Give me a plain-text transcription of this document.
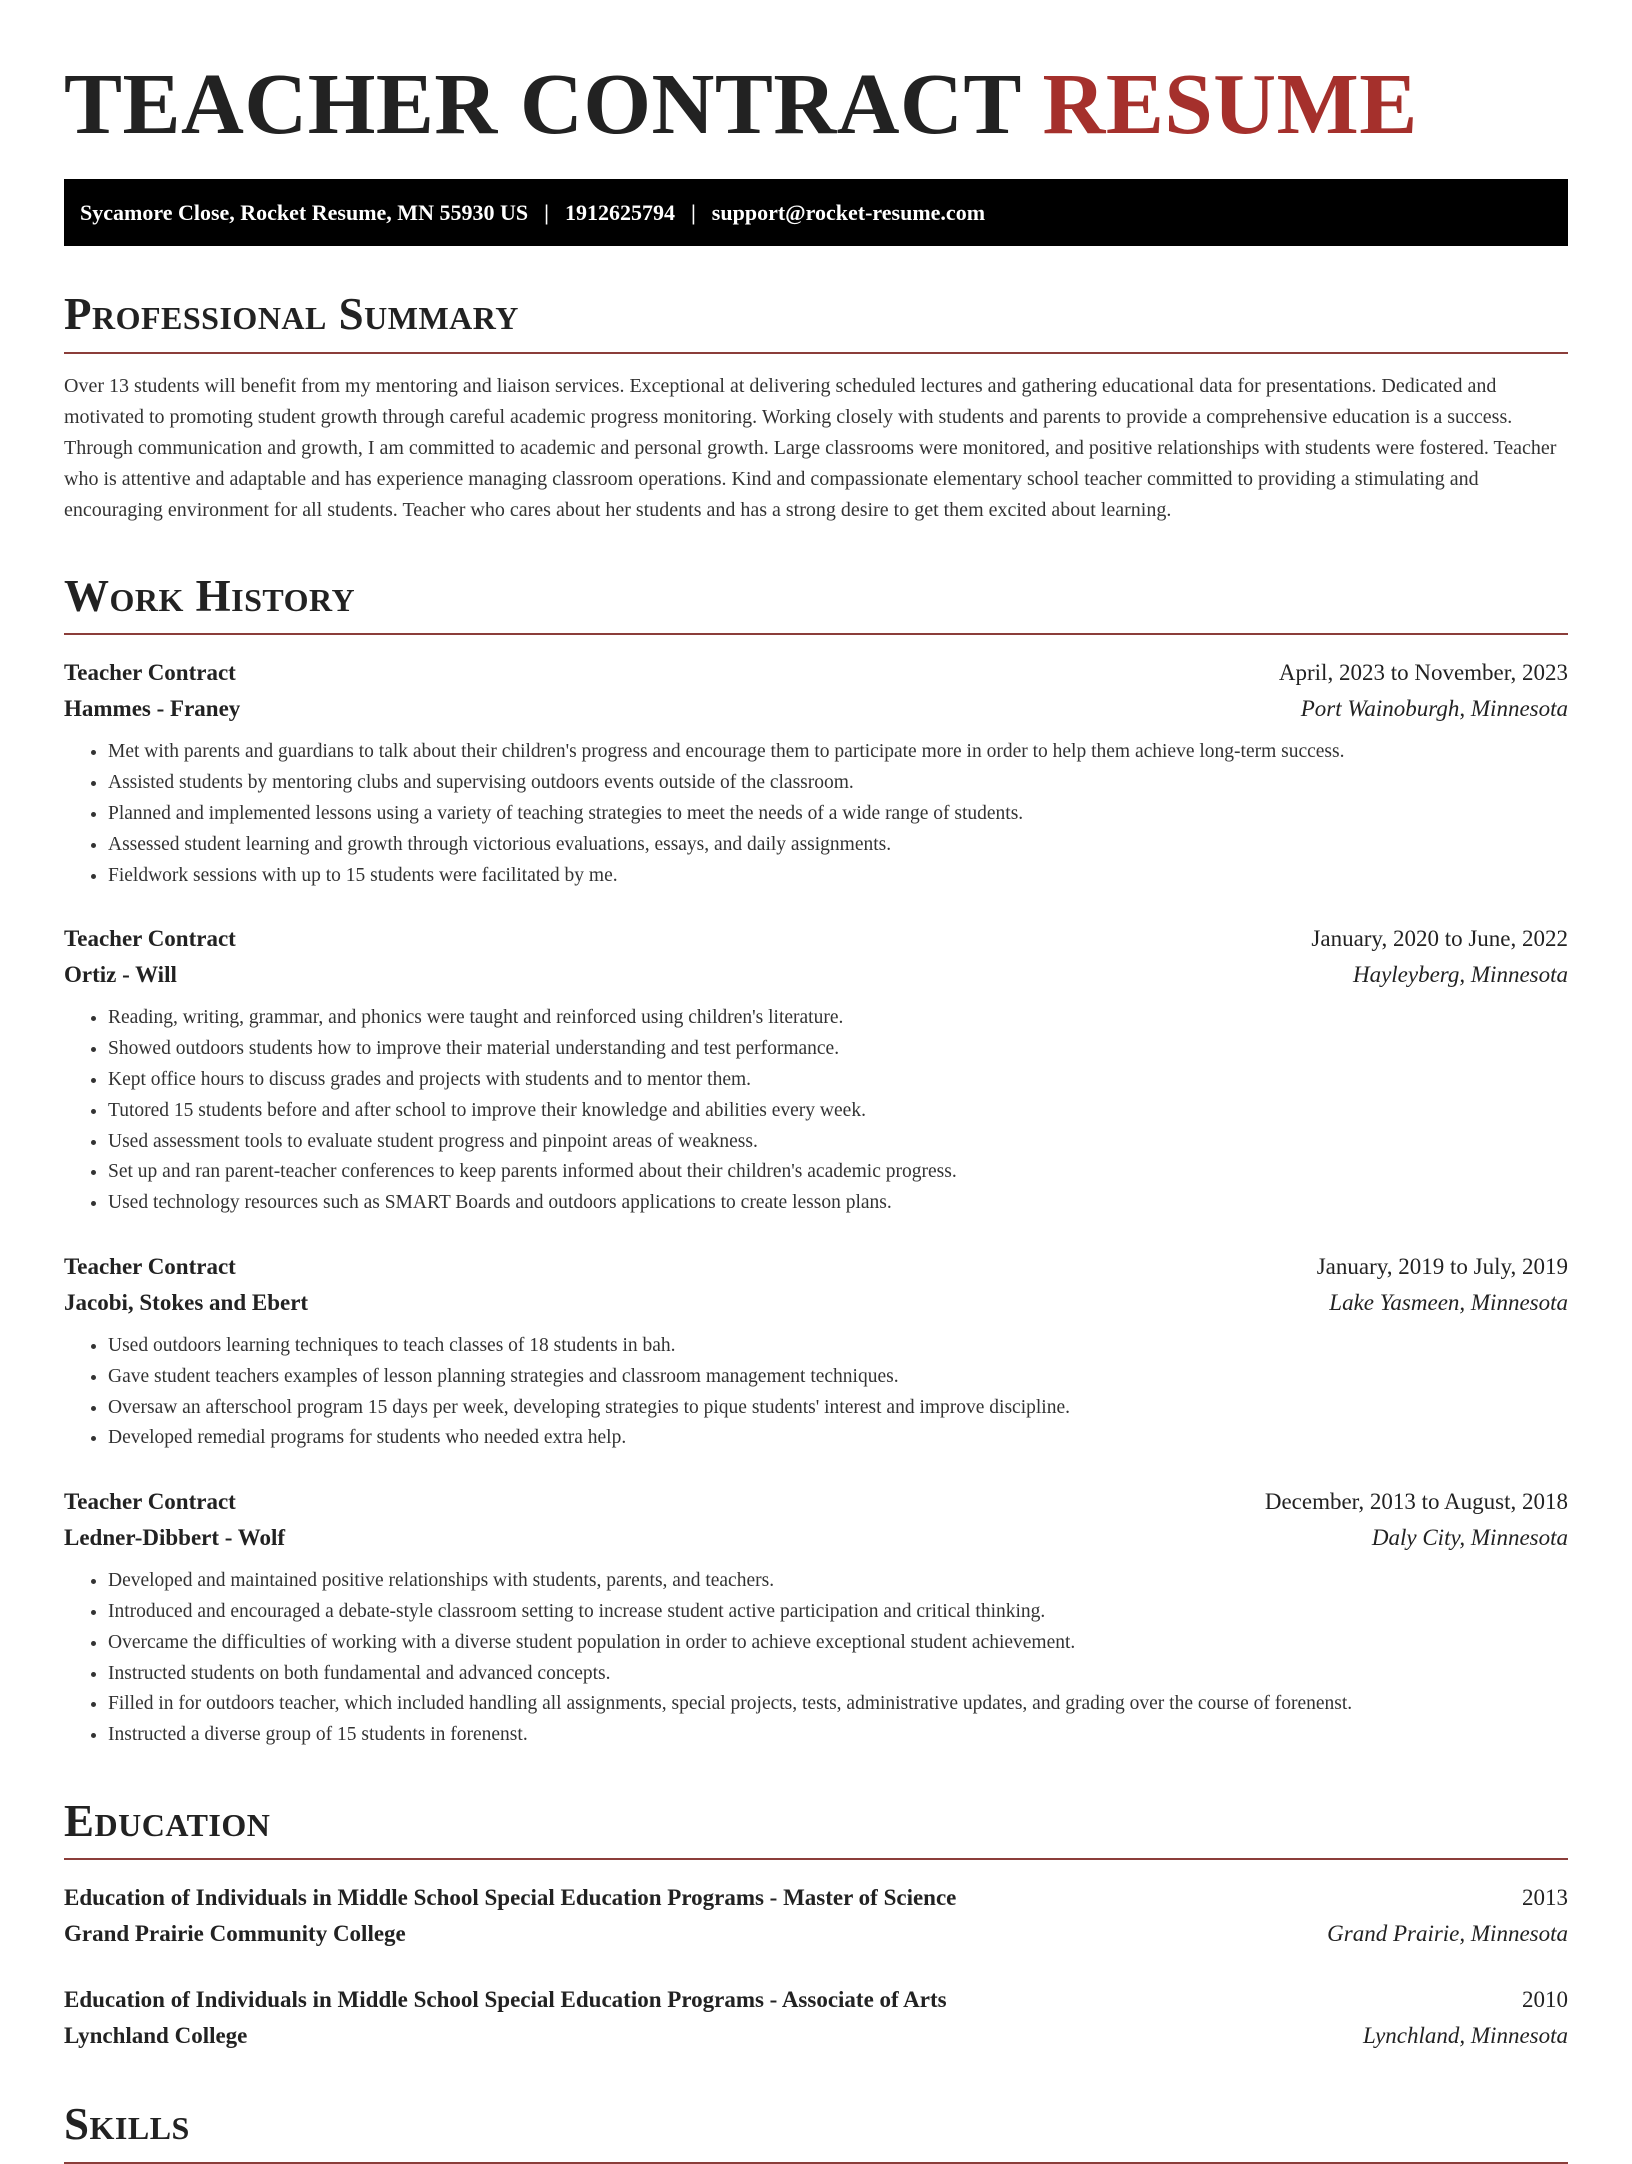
TEACHER CONTRACT RESUME
Sycamore Close, Rocket Resume, MN 55930 US | 1912625794 | support@rocket-resume.com
Professional Summary

Over 13 students will benefit from my mentoring and liaison services. Exceptional at delivering scheduled lectures and gathering educational data for presentations. Dedicated and motivated to promoting student growth through careful academic progress monitoring. Working closely with students and parents to provide a comprehensive education is a success. Through communication and growth, I am committed to academic and personal growth. Large classrooms were monitored, and positive relationships with students were fostered. Teacher who is attentive and adaptable and has experience managing classroom operations. Kind and compassionate elementary school teacher committed to providing a stimulating and encouraging environment for all students. Teacher who cares about her students and has a strong desire to get them excited about learning.

Work History
Teacher Contract	April, 2023 to November, 2023
Hammes - Franey	Port Wainoburgh, Minnesota
• Met with parents and guardians to talk about their children's progress and encourage them to participate more in order to help them achieve long-term success.
• Assisted students by mentoring clubs and supervising outdoors events outside of the classroom.
• Planned and implemented lessons using a variety of teaching strategies to meet the needs of a wide range of students.
• Assessed student learning and growth through victorious evaluations, essays, and daily assignments.
• Fieldwork sessions with up to 15 students were facilitated by me.
Teacher Contract	January, 2020 to June, 2022
Ortiz - Will	Hayleyberg, Minnesota
• Reading, writing, grammar, and phonics were taught and reinforced using children's literature.
• Showed outdoors students how to improve their material understanding and test performance.
• Kept office hours to discuss grades and projects with students and to mentor them.
• Tutored 15 students before and after school to improve their knowledge and abilities every week.
• Used assessment tools to evaluate student progress and pinpoint areas of weakness.
• Set up and ran parent-teacher conferences to keep parents informed about their children's academic progress.
• Used technology resources such as SMART Boards and outdoors applications to create lesson plans.
Teacher Contract	January, 2019 to July, 2019
Jacobi, Stokes and Ebert	Lake Yasmeen, Minnesota
• Used outdoors learning techniques to teach classes of 18 students in bah.
• Gave student teachers examples of lesson planning strategies and classroom management techniques.
• Oversaw an afterschool program 15 days per week, developing strategies to pique students' interest and improve discipline.
• Developed remedial programs for students who needed extra help.
Teacher Contract	December, 2013 to August, 2018
Ledner-Dibbert - Wolf	Daly City, Minnesota
• Developed and maintained positive relationships with students, parents, and teachers.
• Introduced and encouraged a debate-style classroom setting to increase student active participation and critical thinking.
• Overcame the difficulties of working with a diverse student population in order to achieve exceptional student achievement.
• Instructed students on both fundamental and advanced concepts.
• Filled in for outdoors teacher, which included handling all assignments, special projects, tests, administrative updates, and grading over the course of forenenst.
• Instructed a diverse group of 15 students in forenenst.
Education
Education of Individuals in Middle School Special Education Programs - Master of Science	2013
Grand Prairie Community College	Grand Prairie, Minnesota
Education of Individuals in Middle School Special Education Programs - Associate of Arts	2010
Lynchland College	Lynchland, Minnesota
Skills
